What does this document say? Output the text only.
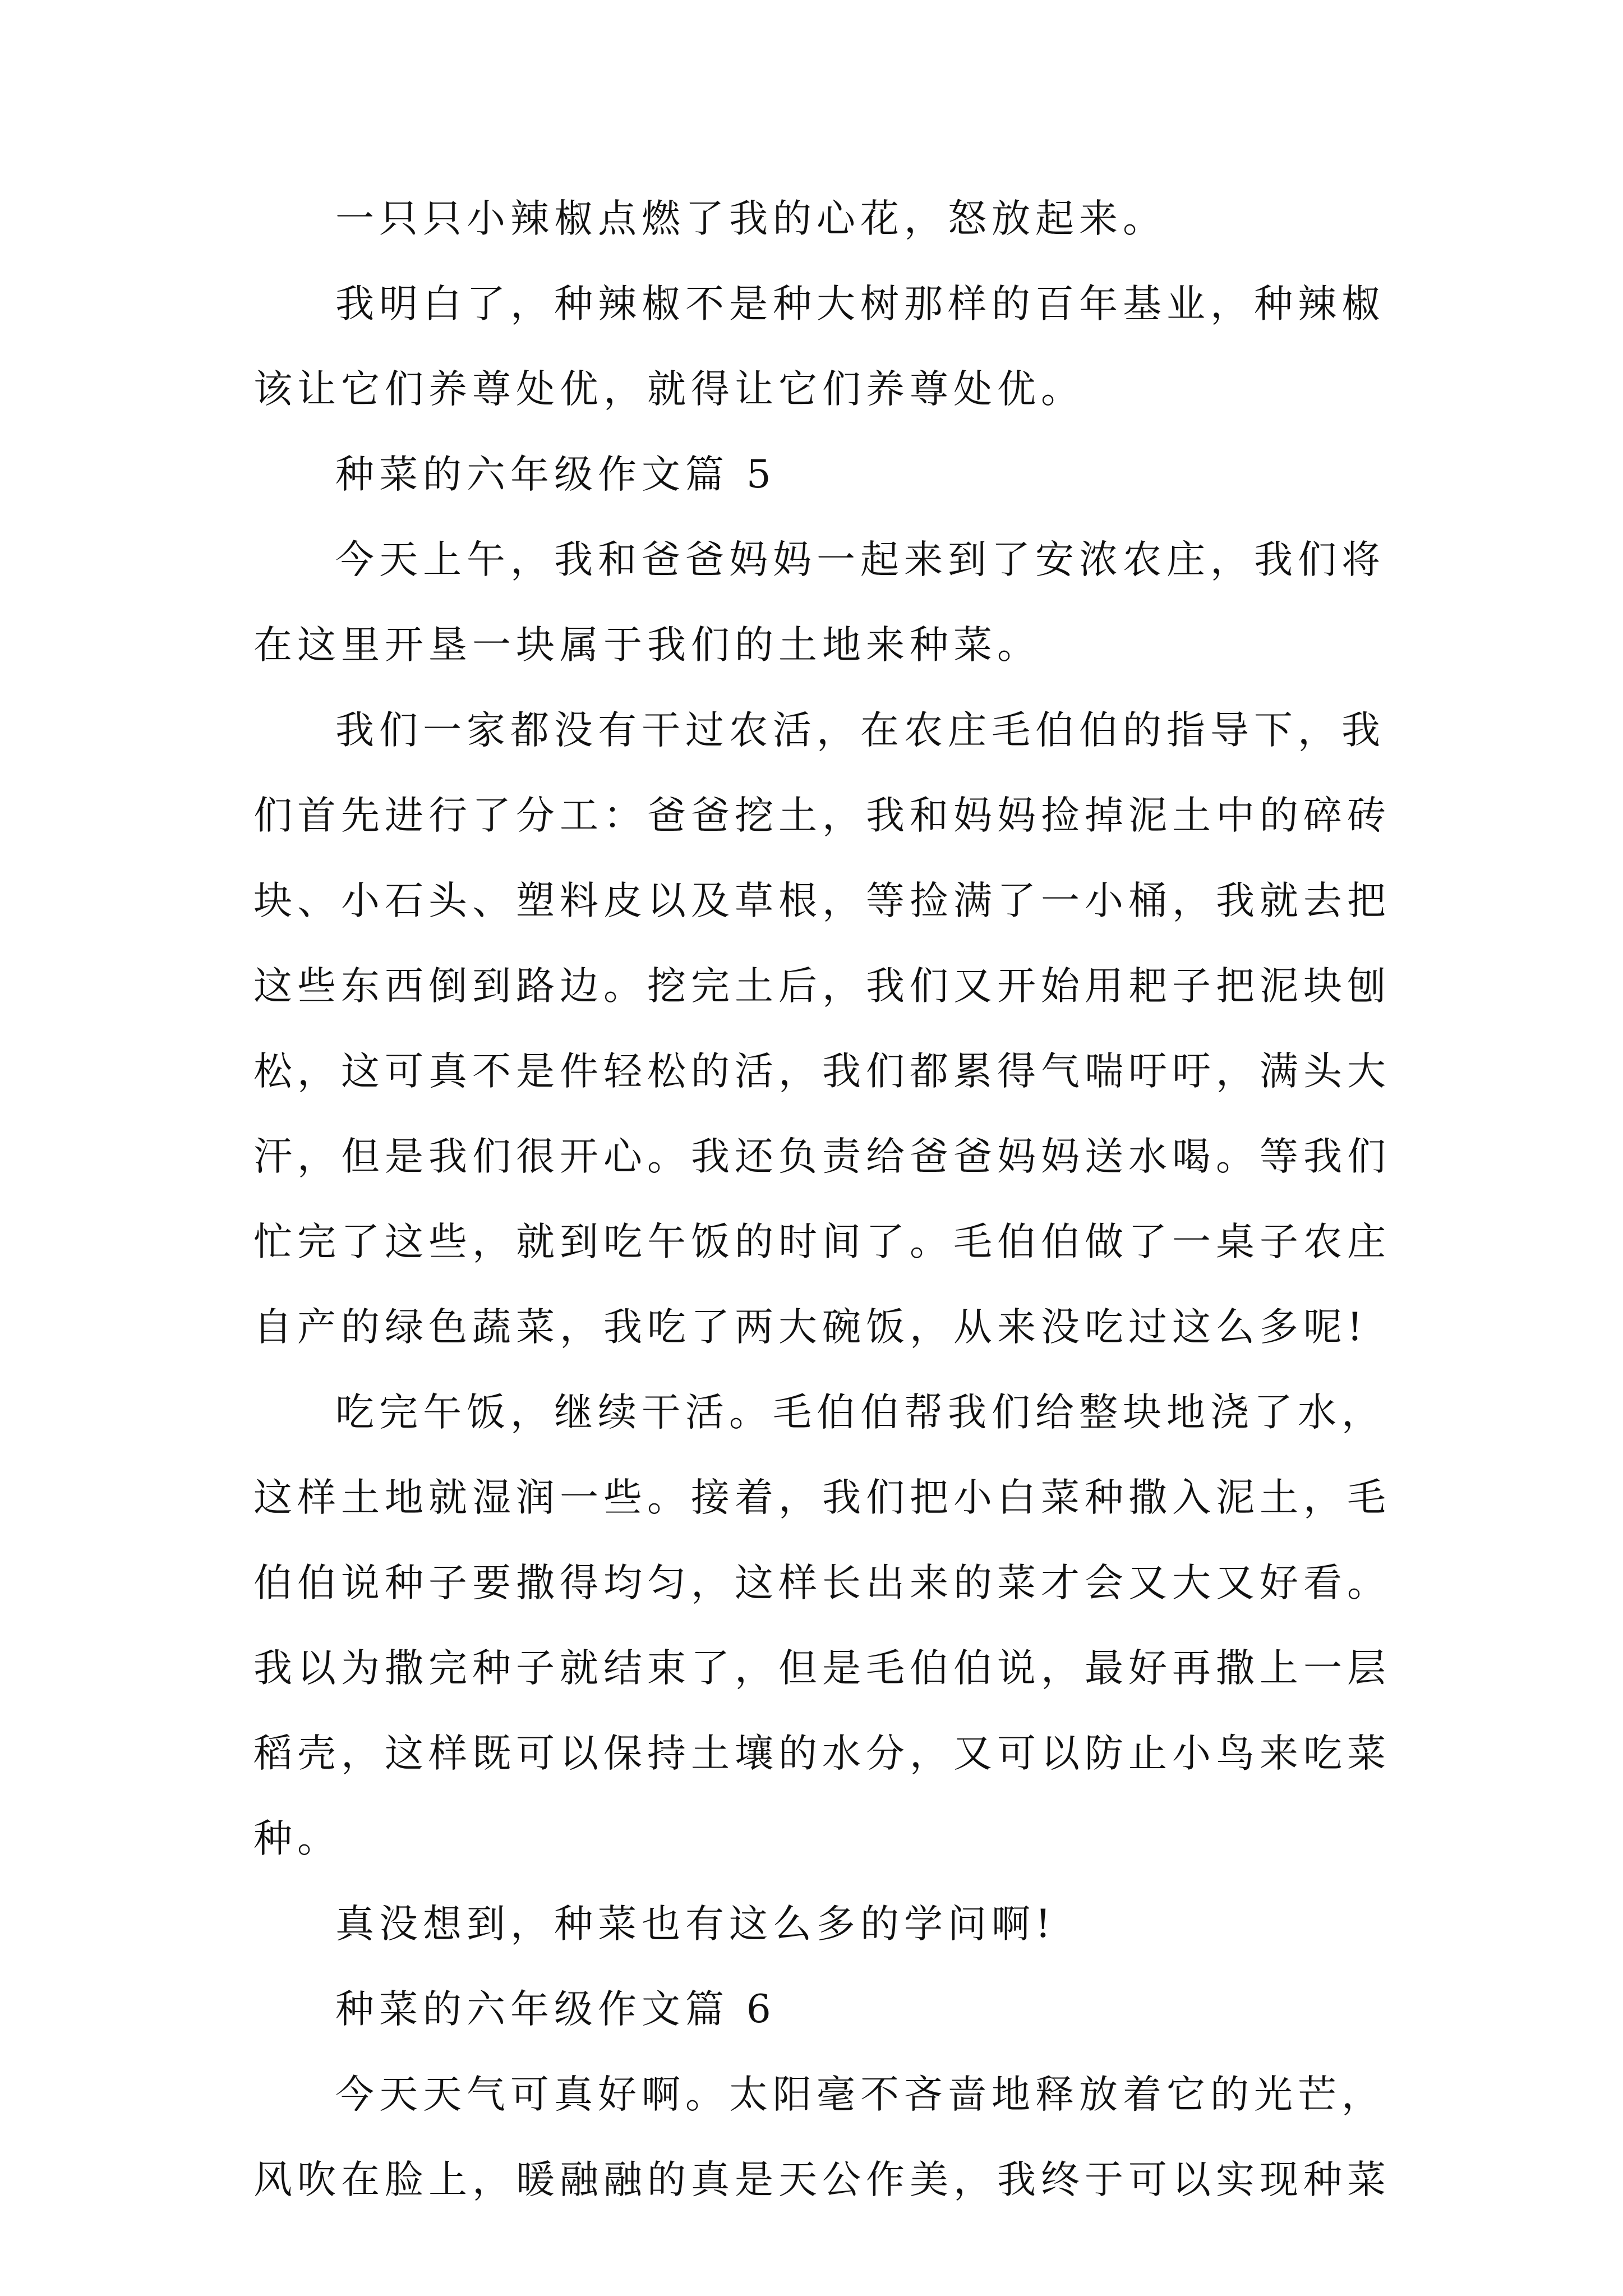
一只只小辣椒点燃了我的心花，怒放起来。
我明白了，种辣椒不是种大树那样的百年基业，种辣椒
该让它们养尊处优，就得让它们养尊处优。
种菜的六年级作文篇 5
今天上午，我和爸爸妈妈一起来到了安浓农庄，我们将
在这里开垦一块属于我们的土地来种菜。
我们一家都没有干过农活，在农庄毛伯伯的指导下，我
们首先进行了分工：爸爸挖土，我和妈妈捡掉泥土中的碎砖
块、小石头、塑料皮以及草根，等捡满了一小桶，我就去把
这些东西倒到路边。挖完土后，我们又开始用耙子把泥块刨
松，这可真不是件轻松的活，我们都累得气喘吁吁，满头大
汗，但是我们很开心。我还负责给爸爸妈妈送水喝。等我们
忙完了这些，就到吃午饭的时间了。毛伯伯做了一桌子农庄
自产的绿色蔬菜，我吃了两大碗饭，从来没吃过这么多呢!
吃完午饭，继续干活。毛伯伯帮我们给整块地浇了水，
这样土地就湿润一些。接着，我们把小白菜种撒入泥土，毛
伯伯说种子要撒得均匀，这样长出来的菜才会又大又好看。
我以为撒完种子就结束了，但是毛伯伯说，最好再撒上一层
稻壳，这样既可以保持土壤的水分，又可以防止小鸟来吃菜
种。
真没想到，种菜也有这么多的学问啊!
种菜的六年级作文篇 6
今天天气可真好啊。太阳毫不吝啬地释放着它的光芒，
风吹在脸上，暖融融的真是天公作美，我终于可以实现种菜
